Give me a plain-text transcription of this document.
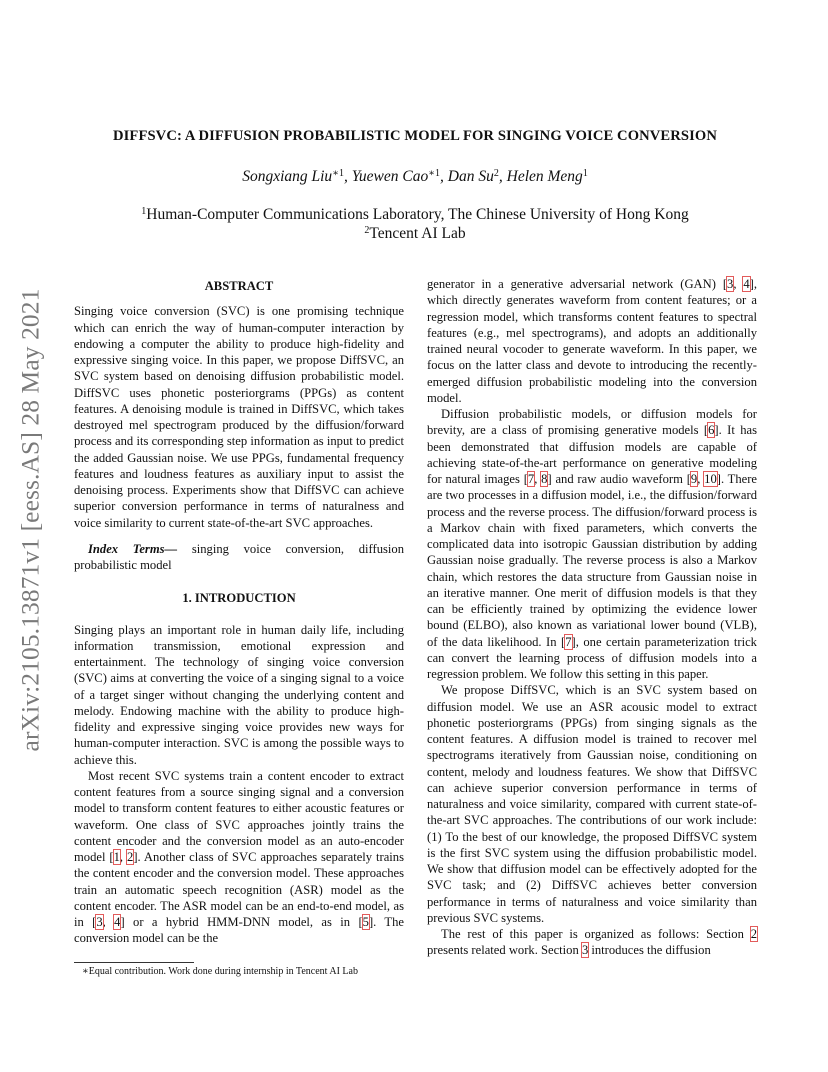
arXiv:2105.13871v1 [eess.AS] 28 May 2021
DIFFSVC: A DIFFUSION PROBABILISTIC MODEL FOR SINGING VOICE CONVERSION
Songxiang Liu$^{∗1}$, Yuewen Cao$^{∗1}$, Dan Su$^2$, Helen Meng$^1$
$^1$Human-Computer Communications Laboratory, The Chinese University of Hong Kong
$^2$Tencent AI Lab
ABSTRACT

Singing voice conversion (SVC) is one promising technique which can enrich the way of human-computer interaction by endowing a computer the ability to produce high-fidelity and expressive singing voice. In this paper, we propose DiffSVC, an SVC system based on denoising diffusion probabilistic model. DiffSVC uses phonetic posteriorgrams (PPGs) as content features. A denoising module is trained in DiffSVC, which takes destroyed mel spectrogram produced by the diffusion/forward process and its corresponding step information as input to predict the added Gaussian noise. We use PPGs, fundamental frequency features and loudness features as auxiliary input to assist the denoising process. Experiments show that DiffSVC can achieve superior conversion performance in terms of naturalness and voice similarity to current state-of-the-art SVC approaches.

Index Terms— singing voice conversion, diffusion probabilistic model

1. INTRODUCTION

Singing plays an important role in human daily life, including information transmission, emotional expression and entertainment. The technology of singing voice conversion (SVC) aims at converting the voice of a singing signal to a voice of a target singer without changing the underlying content and melody. Endowing machine with the ability to produce high-fidelity and expressive singing voice provides new ways for human-computer interaction. SVC is among the possible ways to achieve this.

Most recent SVC systems train a content encoder to extract content features from a source singing signal and a conversion model to transform content features to either acoustic features or waveform. One class of SVC approaches jointly trains the content encoder and the conversion model as an auto-encoder model [1, 2]. Another class of SVC approaches separately trains the content encoder and the conversion model. These approaches train an automatic speech recognition (ASR) model as the content encoder. The ASR model can be an end-to-end model, as in [3, 4] or a hybrid HMM-DNN model, as in [5]. The conversion model can be the

generator in a generative adversarial network (GAN) [3, 4], which directly generates waveform from content features; or a regression model, which transforms content features to spectral features (e.g., mel spectrograms), and adopts an additionally trained neural vocoder to generate waveform. In this paper, we focus on the latter class and devote to introducing the recently-emerged diffusion probabilistic modeling into the conversion model.

Diffusion probabilistic models, or diffusion models for brevity, are a class of promising generative models [6]. It has been demonstrated that diffusion models are capable of achieving state-of-the-art performance on generative modeling for natural images [7, 8] and raw audio waveform [9, 10]. There are two processes in a diffusion model, i.e., the diffusion/forward process and the reverse process. The diffusion/forward process is a Markov chain with fixed parameters, which converts the complicated data into isotropic Gaussian distribution by adding Gaussian noise gradually. The reverse process is also a Markov chain, which restores the data structure from Gaussian noise in an iterative manner. One merit of diffusion models is that they can be efficiently trained by optimizing the evidence lower bound (ELBO), also known as variational lower bound (VLB), of the data likelihood. In [7], one certain parameterization trick can convert the learning process of diffusion models into a regression problem. We follow this setting in this paper.

We propose DiffSVC, which is an SVC system based on diffusion model. We use an ASR acousic model to extract phonetic posteriorgrams (PPGs) from singing signals as the content features. A diffusion model is trained to recover mel spectrograms iteratively from Gaussian noise, conditioning on content, melody and loudness features. We show that DiffSVC can achieve superior conversion performance in terms of naturalness and voice similarity, compared with current state-of-the-art SVC approaches. The contributions of our work include: (1) To the best of our knowledge, the proposed DiffSVC system is the first SVC system using the diffusion probabilistic model. We show that diffusion model can be effectively adopted for the SVC task; and (2) DiffSVC achieves better conversion performance in terms of naturalness and voice similarity than previous SVC systems.

The rest of this paper is organized as follows: Section 2 presents related work. Section 3 introduces the diffusion

∗Equal contribution. Work done during internship in Tencent AI Lab
